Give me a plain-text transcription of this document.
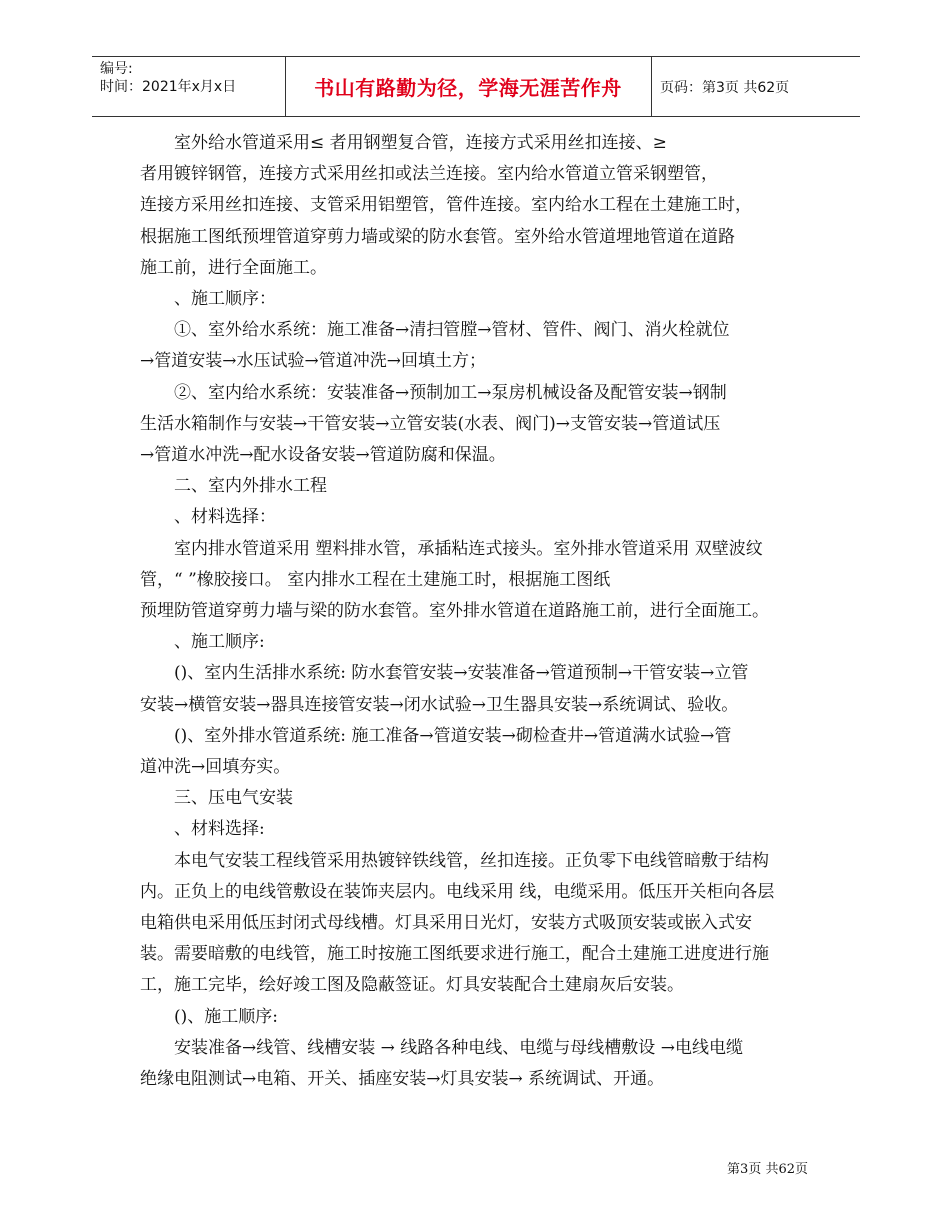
编号:
时间：2021年x月x日	书山有路勤为径，学海无涯苦作舟	页码：第3页 共62页

室外给水管道采用≤ 者用钢塑复合管，连接方式采用丝扣连接、≥

者用镀锌钢管，连接方式采用丝扣或法兰连接。室内给水管道立管采钢塑管，

连接方采用丝扣连接、支管采用铝塑管，管件连接。室内给水工程在土建施工时，

根据施工图纸预埋管道穿剪力墙或梁的防水套管。室外给水管道埋地管道在道路

施工前，进行全面施工。

、施工顺序：

①、室外给水系统：施工准备→清扫管膛→管材、管件、阀门、消火栓就位

→管道安装→水压试验→管道冲洗→回填土方；

②、室内给水系统：安装准备→预制加工→泵房机械设备及配管安装→钢制

生活水箱制作与安装→干管安装→立管安装(水表、阀门)→支管安装→管道试压

→管道水冲洗→配水设备安装→管道防腐和保温。

二、室内外排水工程

、材料选择：

室内排水管道采用 塑料排水管，承插粘连式接头。室外排水管道采用 双壁波纹

管，“ ”橡胶接口。 室内排水工程在土建施工时，根据施工图纸

预埋防管道穿剪力墙与梁的防水套管。室外排水管道在道路施工前，进行全面施工。

、施工顺序:

()、室内生活排水系统: 防水套管安装→安装准备→管道预制→干管安装→立管

安装→横管安装→器具连接管安装→闭水试验→卫生器具安装→系统调试、验收。

()、室外排水管道系统: 施工准备→管道安装→砌检查井→管道满水试验→管

道冲洗→回填夯实。

三、压电气安装

、材料选择:

本电气安装工程线管采用热镀锌铁线管，丝扣连接。正负零下电线管暗敷于结构

内。正负上的电线管敷设在装饰夹层内。电线采用 线，电缆采用。低压开关柜向各层

电箱供电采用低压封闭式母线槽。灯具采用日光灯，安装方式吸顶安装或嵌入式安

装。需要暗敷的电线管，施工时按施工图纸要求进行施工，配合土建施工进度进行施

工，施工完毕，绘好竣工图及隐蔽签证。灯具安装配合土建扇灰后安装。

()、施工顺序:

安装准备→线管、线槽安装 → 线路各种电线、电缆与母线槽敷设 →电线电缆

绝缘电阻测试→电箱、开关、插座安装→灯具安装→ 系统调试、开通。

第3页 共62页
